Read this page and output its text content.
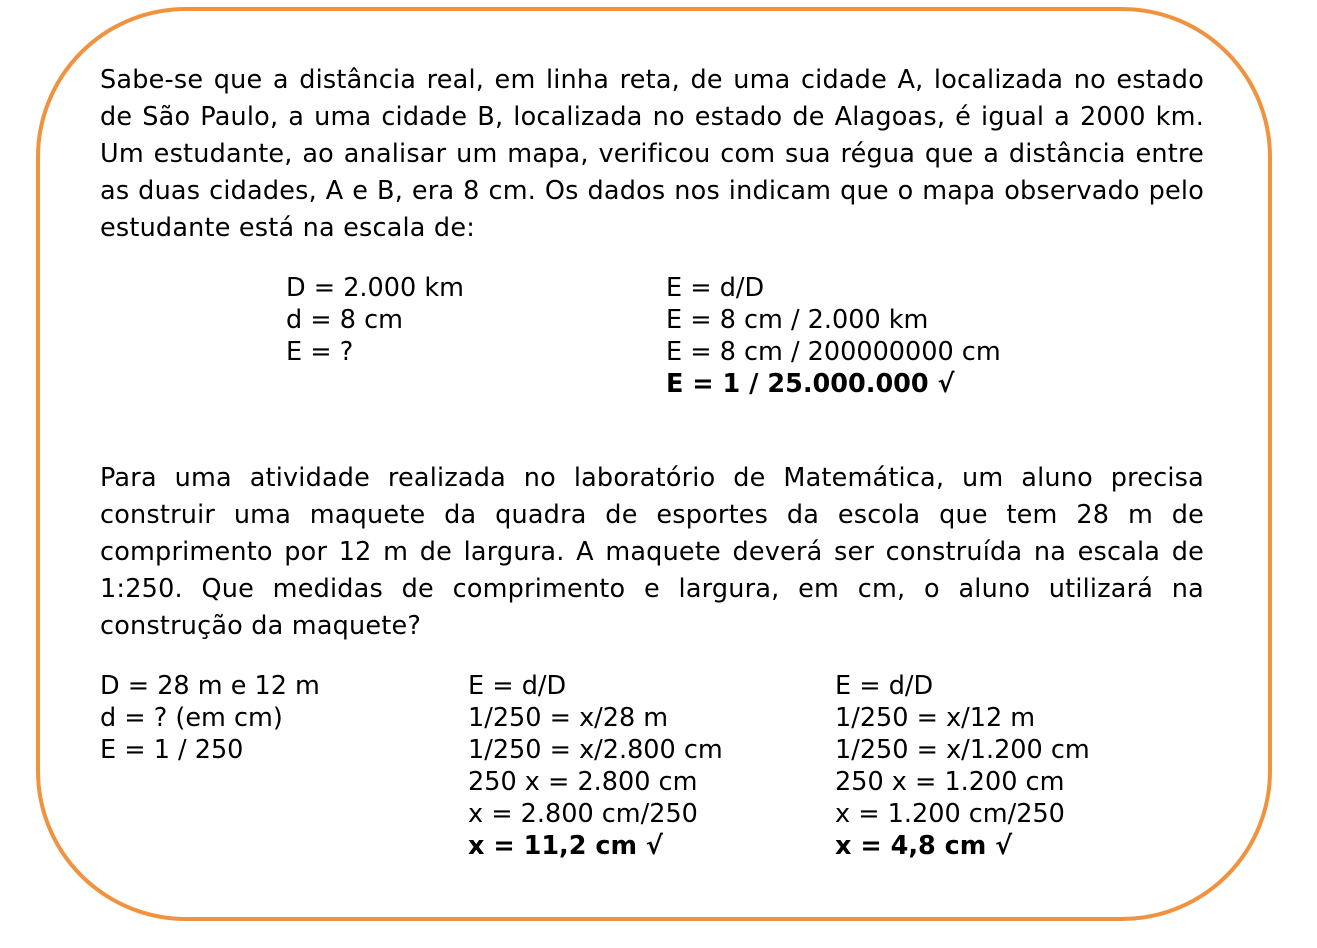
Sabe-se que a distância real, em linha reta, de uma cidade A, localizada no estado de São Paulo, a uma cidade B, localizada no estado de Alagoas, é igual a 2000 km. Um estudante, ao analisar um mapa, verificou com sua régua que a distância entre as duas cidades, A e B, era 8 cm. Os dados nos indicam que o mapa observado pelo estudante está na escala de:

D = 2.000 km
d = 8 cm
E = ?
E = d/D
E = 8 cm / 2.000 km
E = 8 cm / 200000000 cm
E = 1 / 25.000.000 √

Para uma atividade realizada no laboratório de Matemática, um aluno precisa construir uma maquete da quadra de esportes da escola que tem 28 m de comprimento por 12 m de largura. A maquete deverá ser construída na escala de 1:250. Que medidas de comprimento e largura, em cm, o aluno utilizará na construção da maquete?

D = 28 m e 12 m
d = ? (em cm)
E = 1 / 250
E = d/D
1/250 = x/28 m
1/250 = x/2.800 cm
250 x = 2.800 cm
x = 2.800 cm/250
x = 11,2 cm √
E = d/D
1/250 = x/12 m
1/250 = x/1.200 cm
250 x = 1.200 cm
x = 1.200 cm/250
x = 4,8 cm √
